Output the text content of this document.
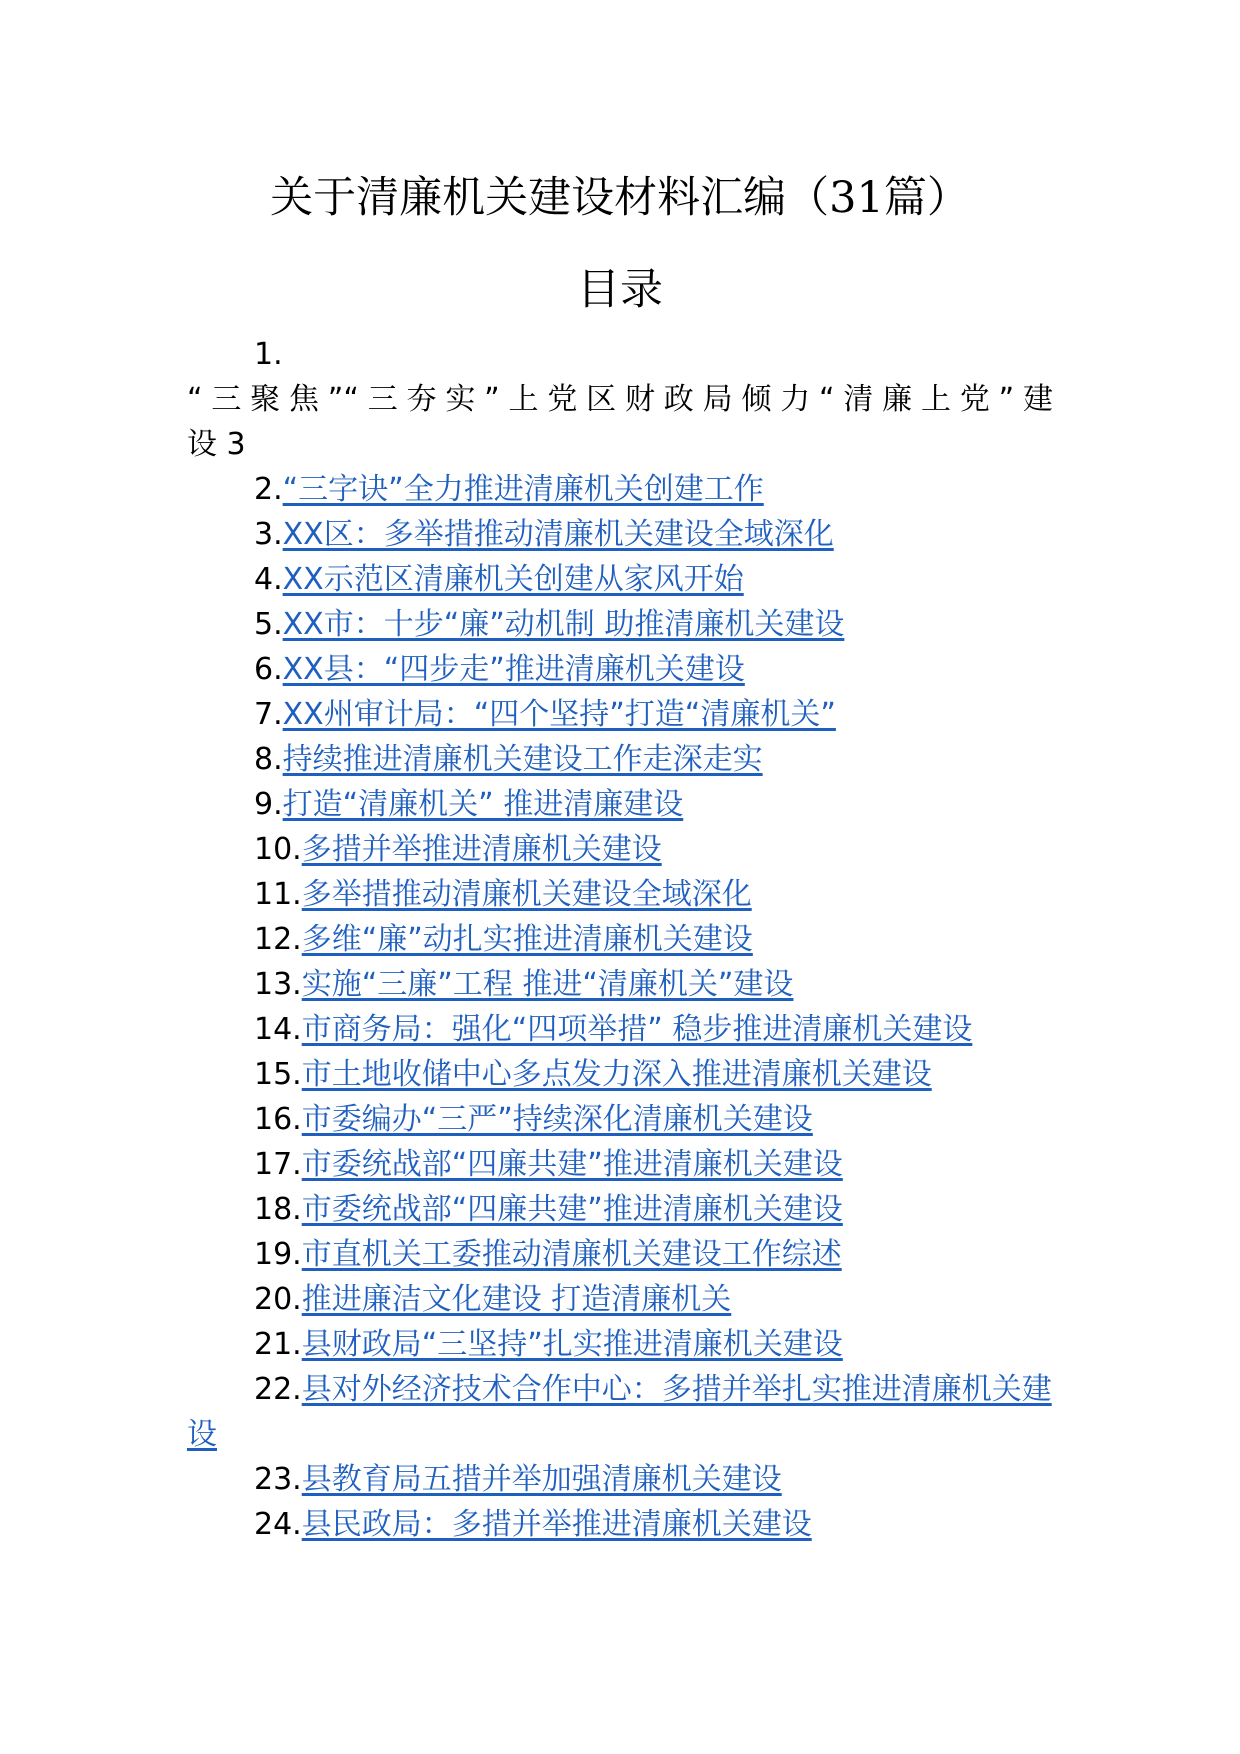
关于清廉机关建设材料汇编（31篇）
目录
1.
“三聚焦”“三夯实”上党区财政局倾力“清廉上党”建
设 3
2.“三字诀”全力推进清廉机关创建工作
3.XX区：多举措推动清廉机关建设全域深化
4.XX示范区清廉机关创建从家风开始
5.XX市：十步“廉”动机制 助推清廉机关建设
6.XX县：“四步走”推进清廉机关建设
7.XX州审计局：“四个坚持”打造“清廉机关”
8.持续推进清廉机关建设工作走深走实
9.打造“清廉机关” 推进清廉建设
10.多措并举推进清廉机关建设
11.多举措推动清廉机关建设全域深化
12.多维“廉”动扎实推进清廉机关建设
13.实施“三廉”工程 推进“清廉机关”建设
14.市商务局：强化“四项举措” 稳步推进清廉机关建设
15.市土地收储中心多点发力深入推进清廉机关建设
16.市委编办“三严”持续深化清廉机关建设
17.市委统战部“四廉共建”推进清廉机关建设
18.市委统战部“四廉共建”推进清廉机关建设
19.市直机关工委推动清廉机关建设工作综述
20.推进廉洁文化建设 打造清廉机关
21.县财政局“三坚持”扎实推进清廉机关建设
22.县对外经济技术合作中心：多措并举扎实推进清廉机关建设
23.县教育局五措并举加强清廉机关建设
24.县民政局：多措并举推进清廉机关建设
